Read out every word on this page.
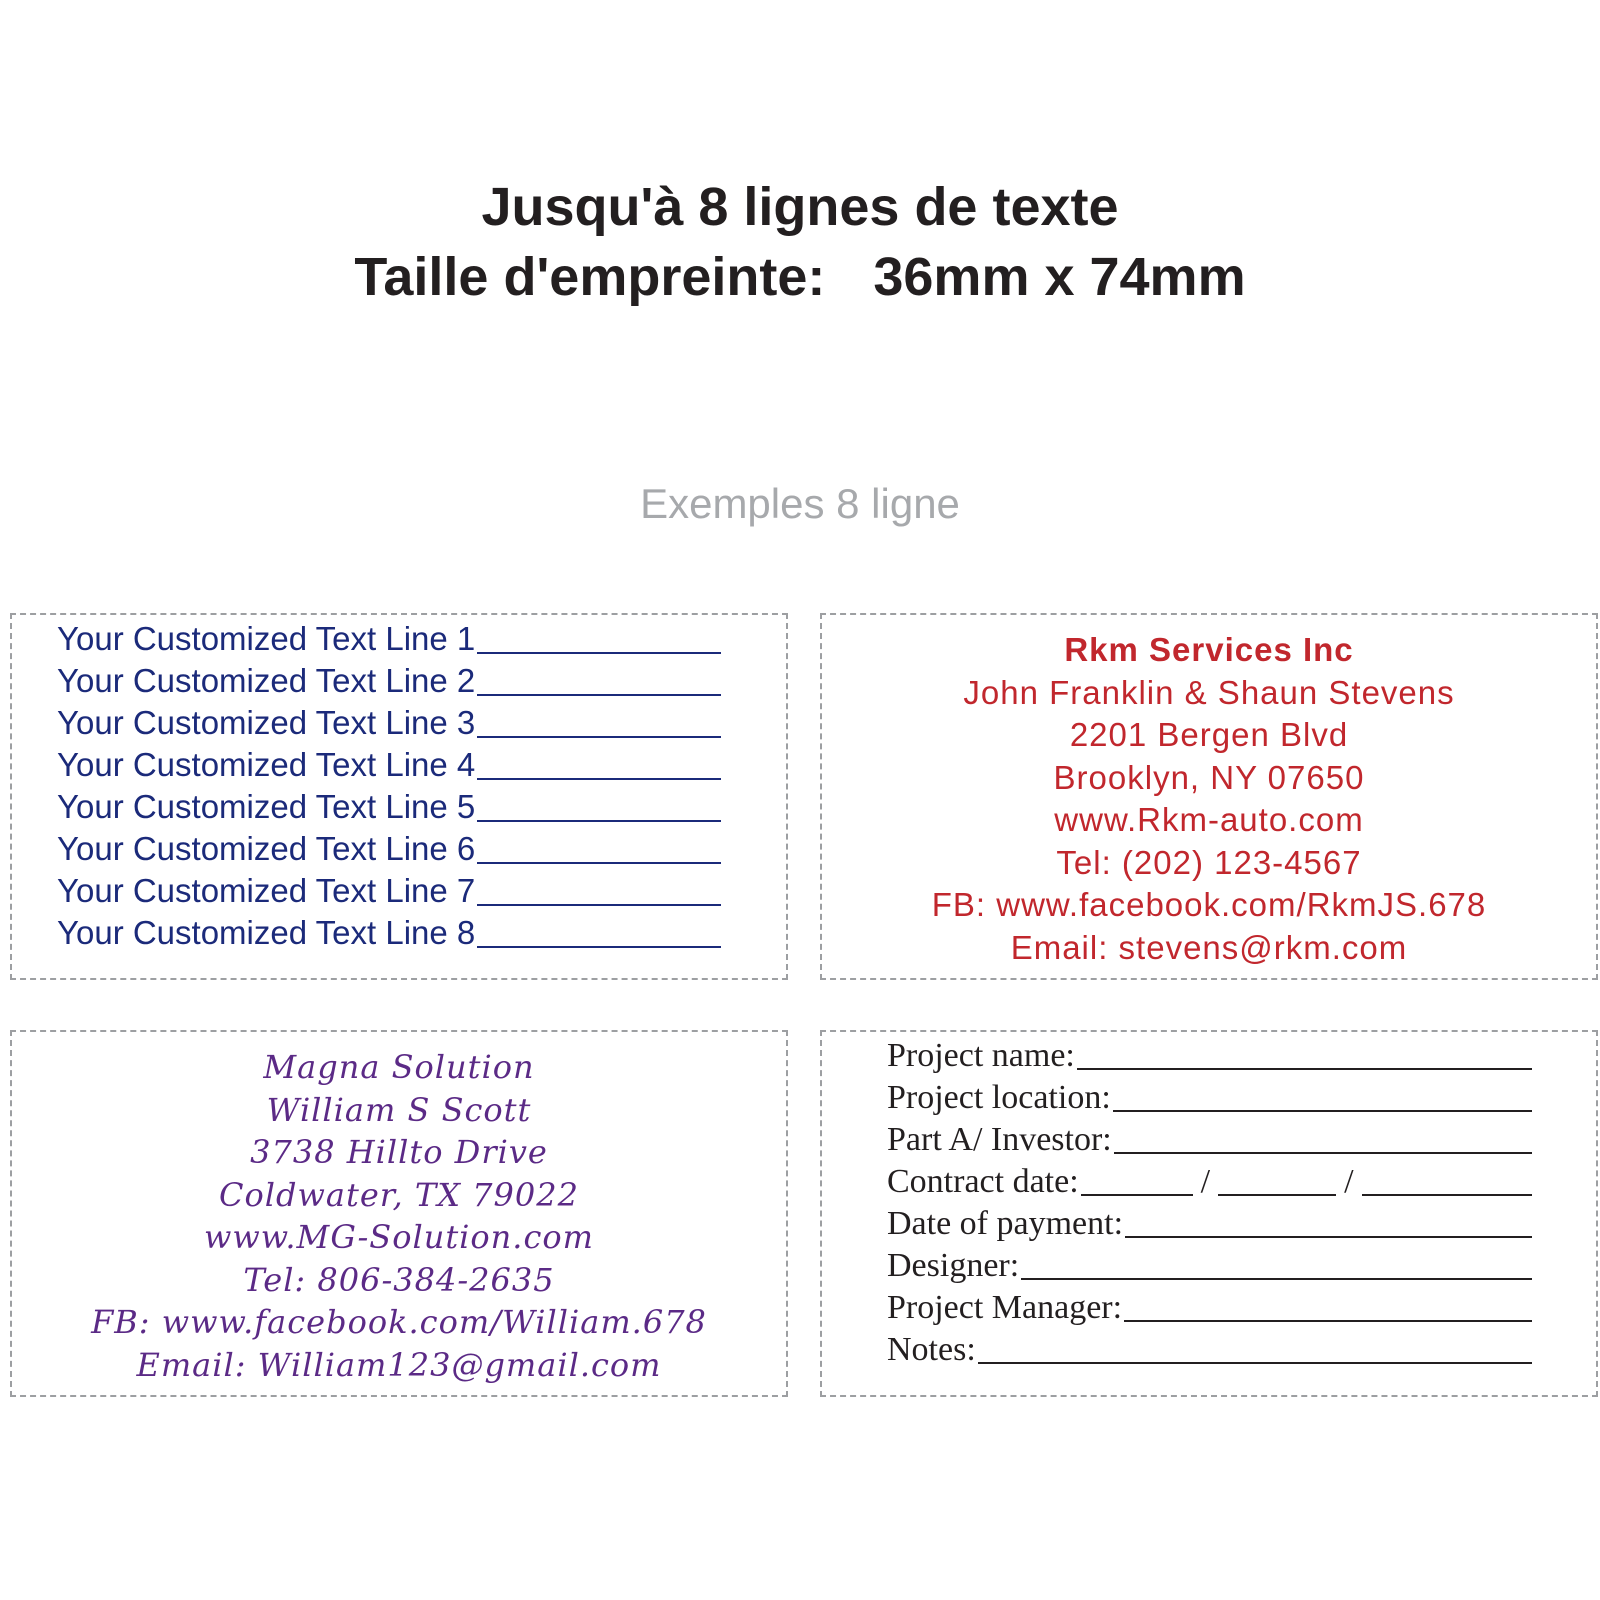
Jusqu'à 8 lignes de texte
Taille d'empreinte: 36mm x 74mm
Exemples 8 ligne
Your Customized Text Line 1
Your Customized Text Line 2
Your Customized Text Line 3
Your Customized Text Line 4
Your Customized Text Line 5
Your Customized Text Line 6
Your Customized Text Line 7
Your Customized Text Line 8
Rkm Services Inc
John Franklin & Shaun Stevens
2201 Bergen Blvd
Brooklyn, NY 07650
www.Rkm-auto.com
Tel: (202) 123-4567
FB: www.facebook.com/RkmJS.678
Email: stevens@rkm.com
Magna Solution
William S Scott
3738 Hillto Drive
Coldwater, TX 79022
www.MG-Solution.com
Tel: 806-384-2635
FB: www.facebook.com/William.678
Email: William123@gmail.com
Project name:
Project location:
Part A/ Investor:
Contract date:	/	/
Date of payment:
Designer:
Project Manager:
Notes:
